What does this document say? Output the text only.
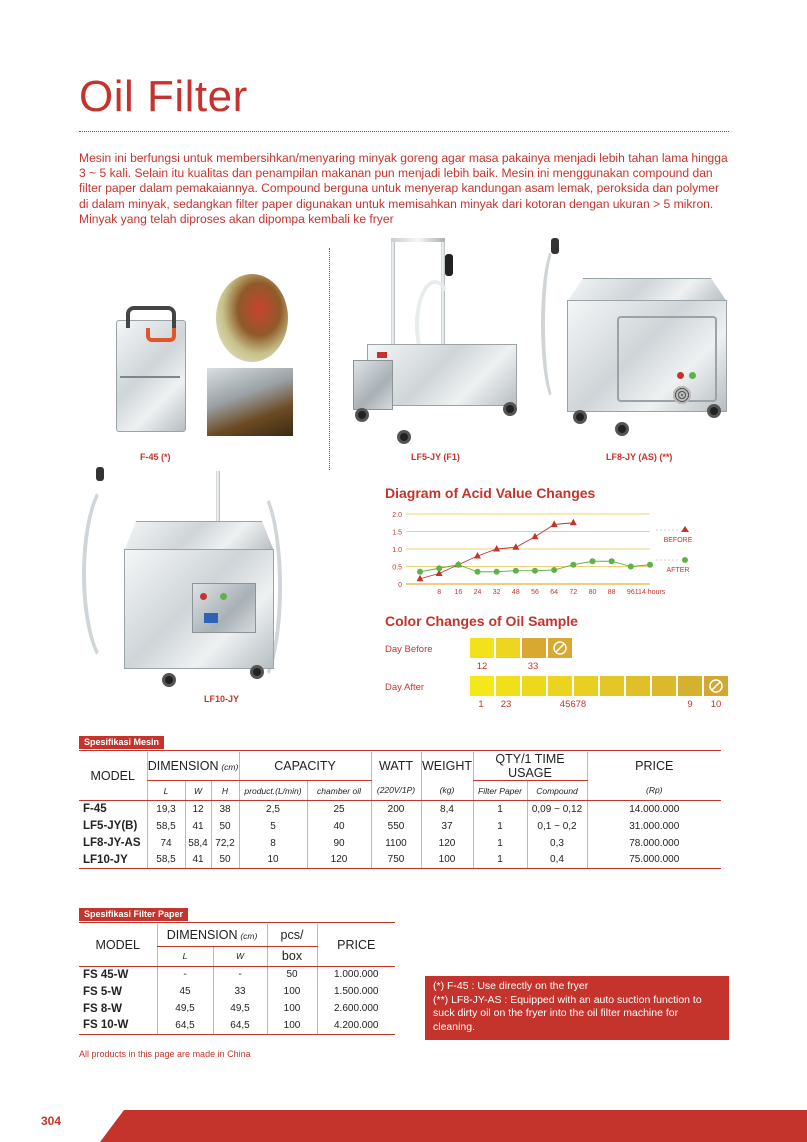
Oil Filter

Mesin ini berfungsi untuk membersihkan/menyaring minyak goreng agar masa pakainya menjadi lebih tahan lama hingga 3 ~ 5 kali. Selain itu kualitas dan penampilan makanan pun menjadi lebih baik. Mesin ini menggunakan compound dan filter paper dalam pemakaiannya. Compound berguna untuk menyerap kandungan asam lemak, peroksida dan polymer di dalam minyak, sedangkan filter paper digunakan untuk memisahkan minyak dari kotoran dengan ukuran > 5 mikron. Minyak yang telah diproses akan dipompa kembali ke fryer

F-45 (*)	LF5-JY (F1)	LF8-JY (AS) (**)
LF10-JY
Diagram of Acid Value Changes
0
0.5
1.0
1.5
2.0
8 16 24 32 48 56 64 72 80 88 96 114 hours
BEFORE
AFTER
Color Changes of Oil Sample
Day Before
Day After
12	33
1	23	45678	9	10
Spesifikasi Mesin
MODEL	DIMENSION (cm)			CAPACITY		WATT	WEIGHT	QTY/1 TIME USAGE		PRICE
	L	W	H	product.(L/min)	chamber oil	(220V/1P)	(kg)	Filter Paper	Compound	(Rp)
F-45	19,3	12	38	2,5	25	200	8,4	1	0,09 ~ 0,12	14.000.000
LF5-JY(B)	58,5	41	50	5	40	550	37	1	0,1 ~ 0,2	31.000.000
LF8-JY-AS	74	58,4	72,2	8	90	1100	120	1	0,3	78.000.000
LF10-JY	58,5	41	50	10	120	750	100	1	0,4	75.000.000
Spesifikasi Filter Paper
MODEL	DIMENSION (cm)		pcs/	PRICE
	L	W	box	
FS 45-W	-	-	50	1.000.000
FS 5-W	45	33	100	1.500.000
FS 8-W	49,5	49,5	100	2.600.000
FS 10-W	64,5	64,5	100	4.200.000
(*) F-45 : Use directly on the fryer
(**) LF8-JY-AS : Equipped with an auto suction function to suck dirty oil on the fryer into the oil filter machine for cleaning.
All products in this page are made in China
304
